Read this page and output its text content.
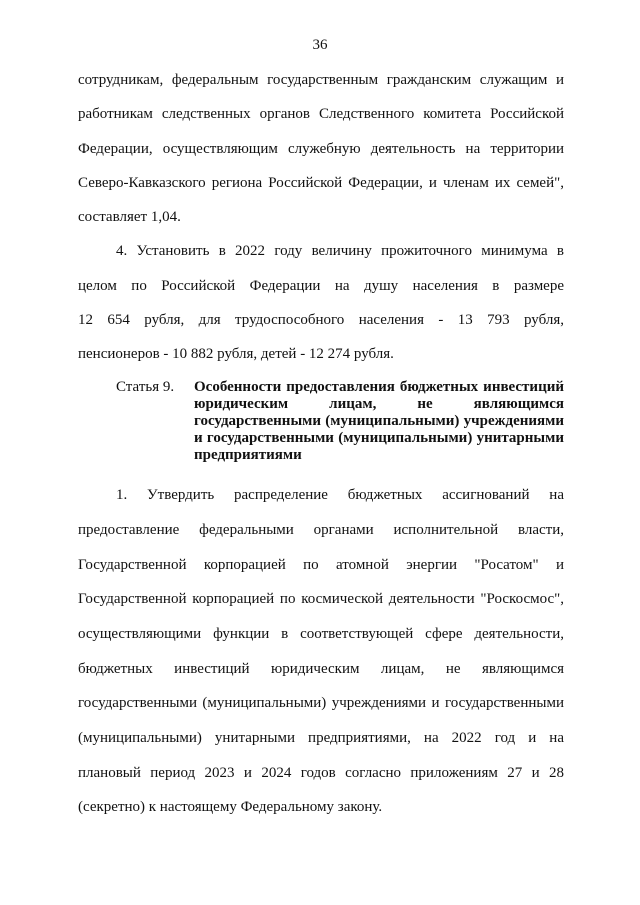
36
сотрудникам, федеральным государственным гражданским служащим и
работникам следственных органов Следственного комитета Российской
Федерации, осуществляющим служебную деятельность на территории
Северо-Кавказского региона Российской Федерации, и членам их семей",
составляет 1,04.
4. Установить в 2022 году величину прожиточного минимума в
целом по Российской Федерации на душу населения в размере
12 654 рубля, для трудоспособного населения - 13 793 рубля,
пенсионеров - 10 882 рубля, детей - 12 274 рубля.
Статья 9. Особенности предоставления бюджетных инвестиций
юридическим лицам, не являющимся
государственными (муниципальными) учреждениями
и государственными (муниципальными) унитарными
предприятиями
1. Утвердить распределение бюджетных ассигнований на
предоставление федеральными органами исполнительной власти,
Государственной корпорацией по атомной энергии "Росатом" и
Государственной корпорацией по космической деятельности "Роскосмос",
осуществляющими функции в соответствующей сфере деятельности,
бюджетных инвестиций юридическим лицам, не являющимся
государственными (муниципальными) учреждениями и государственными
(муниципальными) унитарными предприятиями, на 2022 год и на
плановый период 2023 и 2024 годов согласно приложениям 27 и 28
(секретно) к настоящему Федеральному закону.
